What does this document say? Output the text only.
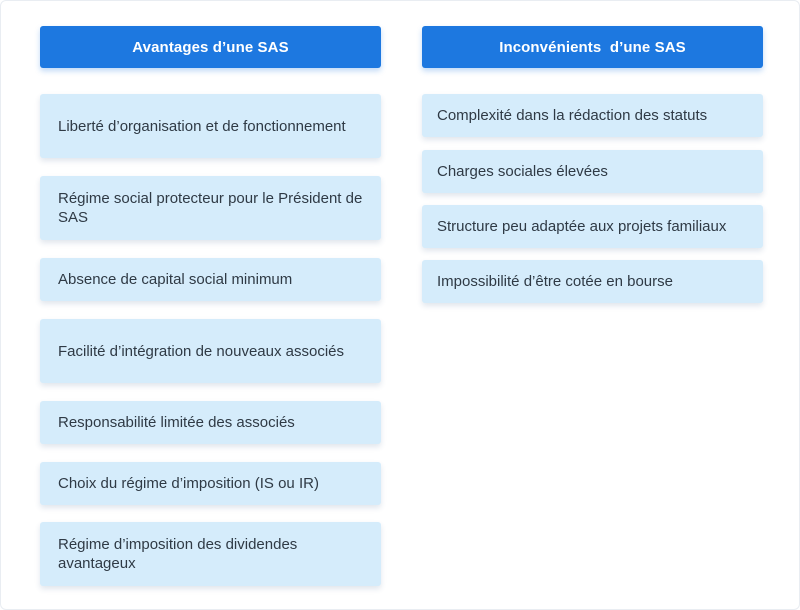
Avantages d’une SAS
Liberté d’organisation et de fonctionnement
Régime social protecteur pour le Président de SAS
Absence de capital social minimum
Facilité d’intégration de nouveaux associés
Responsabilité limitée des associés
Choix du régime d’imposition (IS ou IR)
Régime d’imposition des dividendes avantageux
Inconvénients  d’une SAS
Complexité dans la rédaction des statuts
Charges sociales élevées
Structure peu adaptée aux projets familiaux
Impossibilité d’être cotée en bourse
